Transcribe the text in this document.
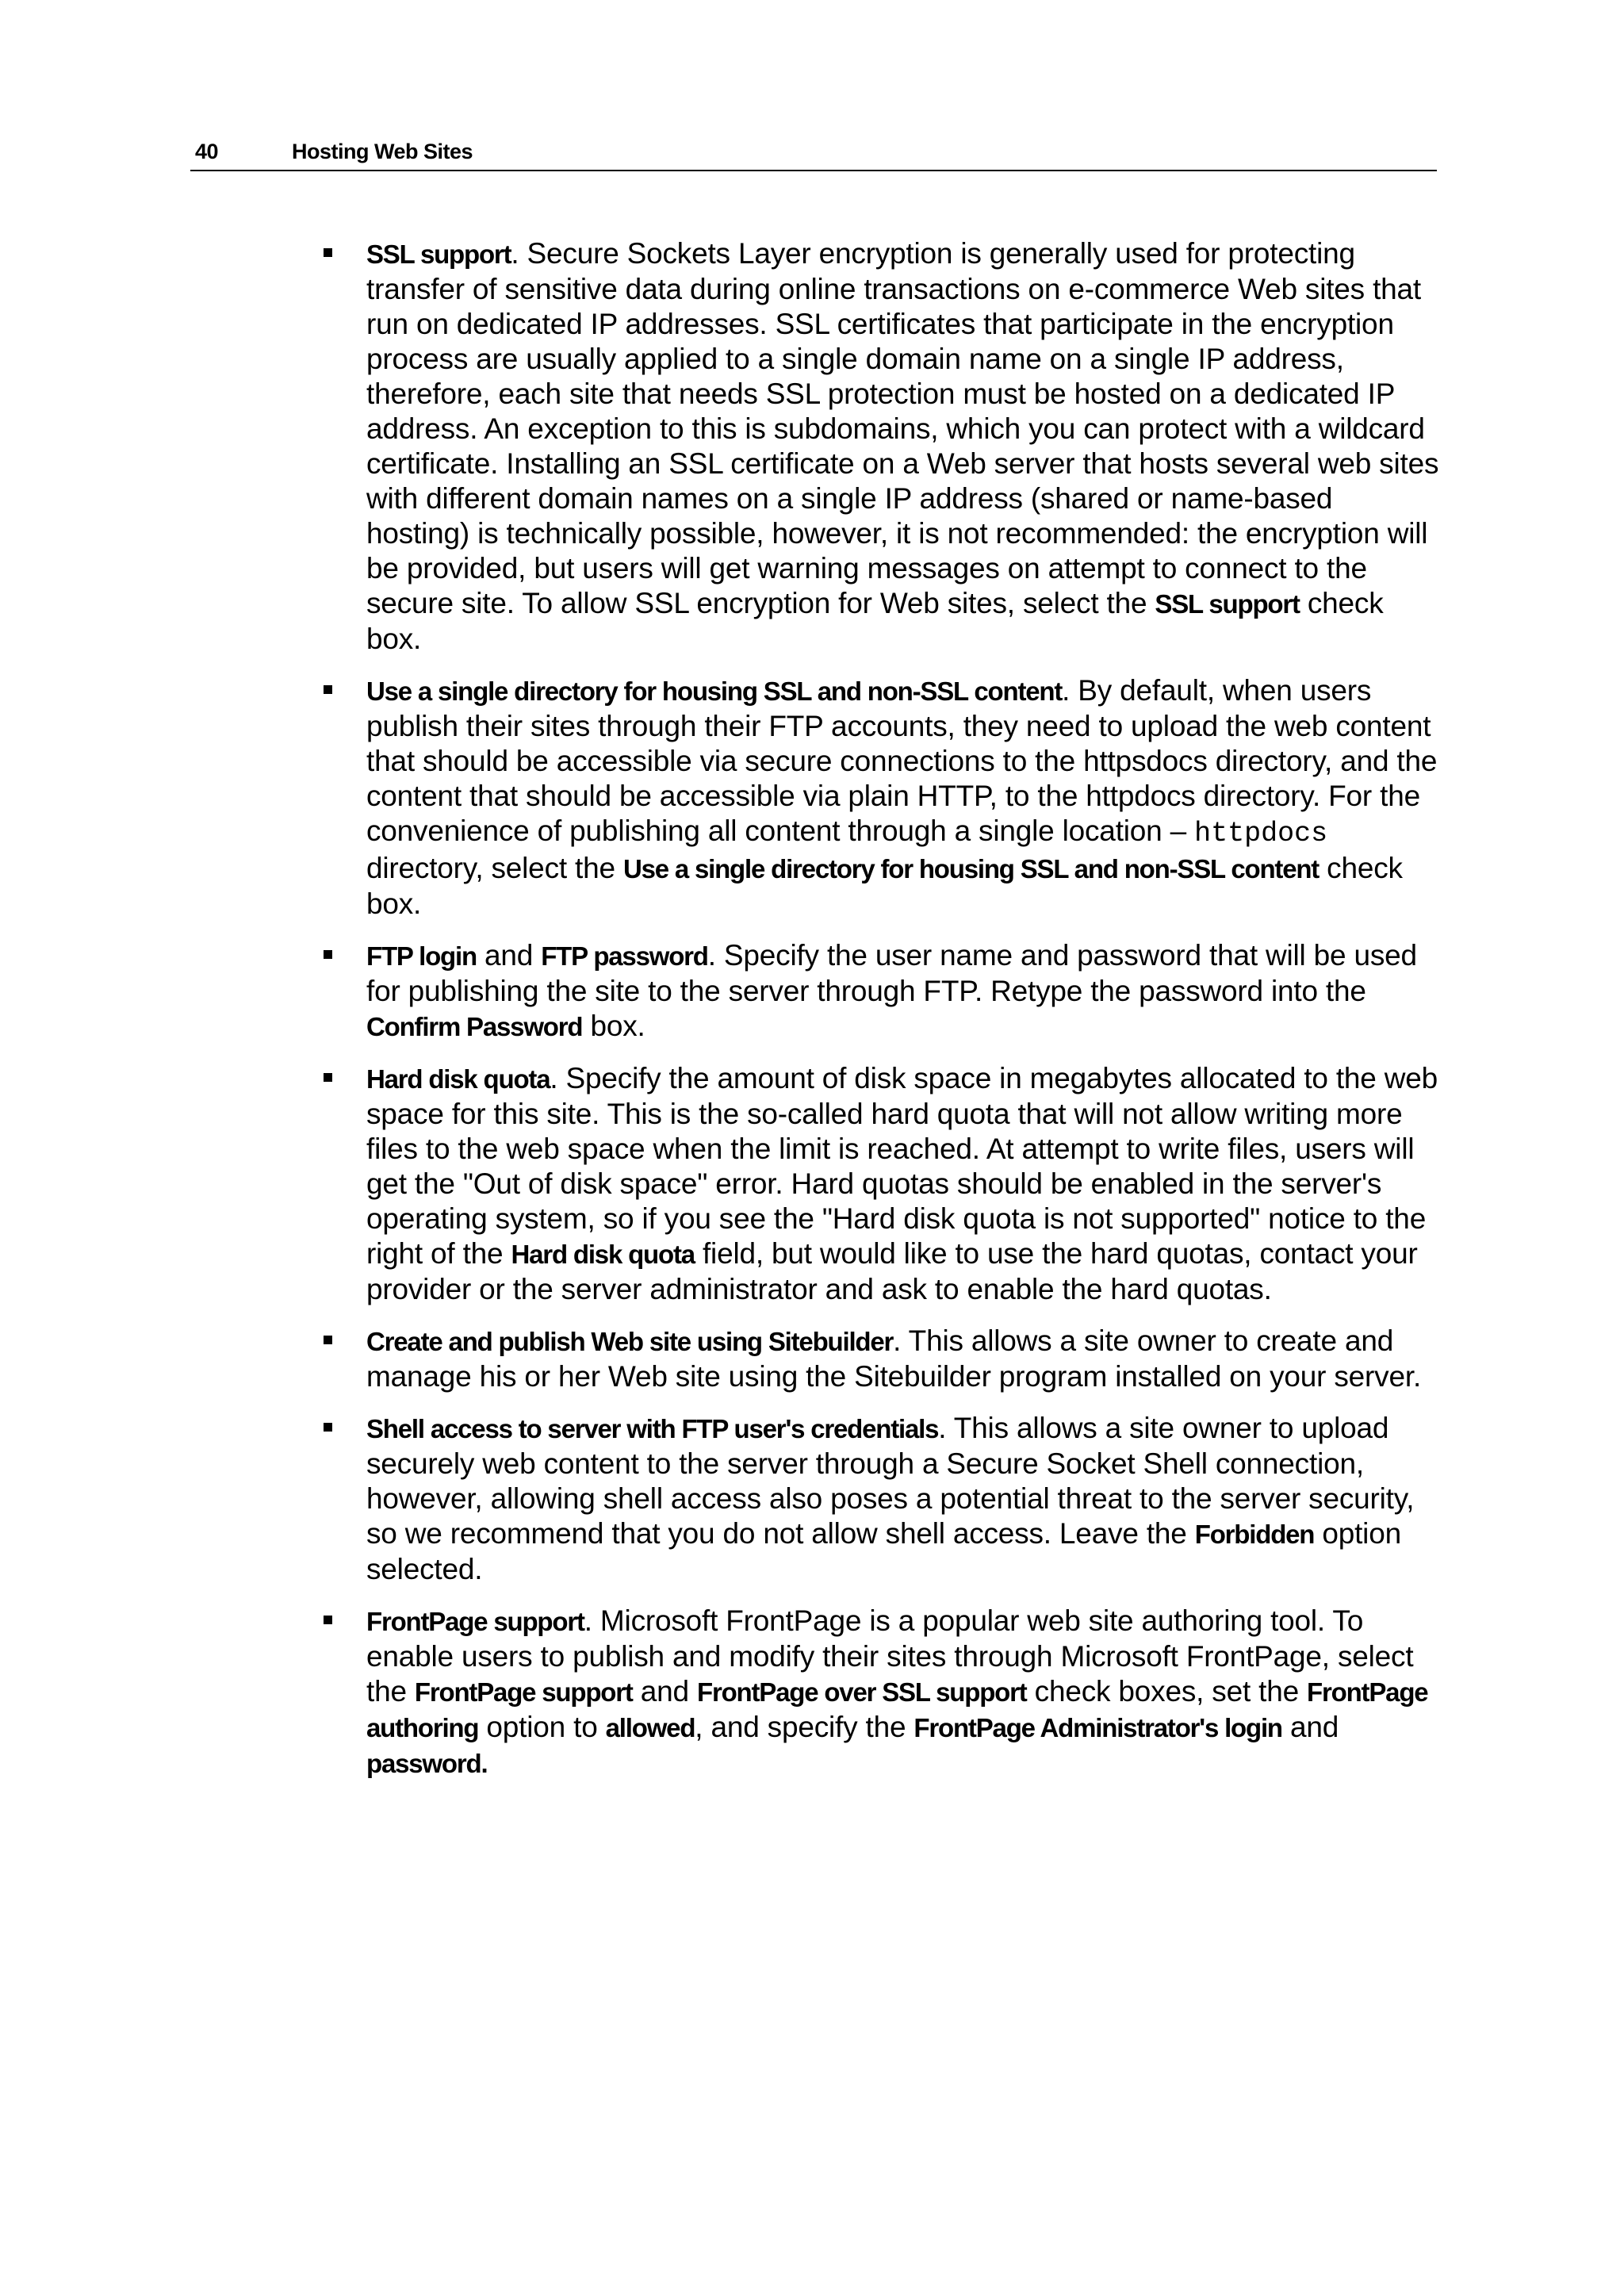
40	Hosting Web Sites
SSL support. Secure Sockets Layer encryption is generally used for protecting transfer of sensitive data during online transactions on e-commerce Web sites that run on dedicated IP addresses. SSL certificates that participate in the encryption process are usually applied to a single domain name on a single IP address, therefore, each site that needs SSL protection must be hosted on a dedicated IP address. An exception to this is subdomains, which you can protect with a wildcard certificate. Installing an SSL certificate on a Web server that hosts several web sites with different domain names on a single IP address (shared or name-based hosting) is technically possible, however, it is not recommended: the encryption will be provided, but users will get warning messages on attempt to connect to the secure site. To allow SSL encryption for Web sites, select the SSL support check box.
Use a single directory for housing SSL and non-SSL content. By default, when users publish their sites through their FTP accounts, they need to upload the web content that should be accessible via secure connections to the httpsdocs directory, and the content that should be accessible via plain HTTP, to the httpdocs directory. For the convenience of publishing all content through a single location – httpdocs directory, select the Use a single directory for housing SSL and non-SSL content check box.
FTP login and FTP password. Specify the user name and password that will be used for publishing the site to the server through FTP. Retype the password into the Confirm Password box.
Hard disk quota. Specify the amount of disk space in megabytes allocated to the web space for this site. This is the so-called hard quota that will not allow writing more files to the web space when the limit is reached. At attempt to write files, users will get the "Out of disk space" error. Hard quotas should be enabled in the server's operating system, so if you see the "Hard disk quota is not supported" notice to the right of the Hard disk quota field, but would like to use the hard quotas, contact your provider or the server administrator and ask to enable the hard quotas.
Create and publish Web site using Sitebuilder. This allows a site owner to create and manage his or her Web site using the Sitebuilder program installed on your server.
Shell access to server with FTP user's credentials. This allows a site owner to upload securely web content to the server through a Secure Socket Shell connection, however, allowing shell access also poses a potential threat to the server security, so we recommend that you do not allow shell access. Leave the Forbidden option selected.
FrontPage support. Microsoft FrontPage is a popular web site authoring tool. To enable users to publish and modify their sites through Microsoft FrontPage, select the FrontPage support and FrontPage over SSL support check boxes, set the FrontPage authoring option to allowed, and specify the FrontPage Administrator's login and password.
